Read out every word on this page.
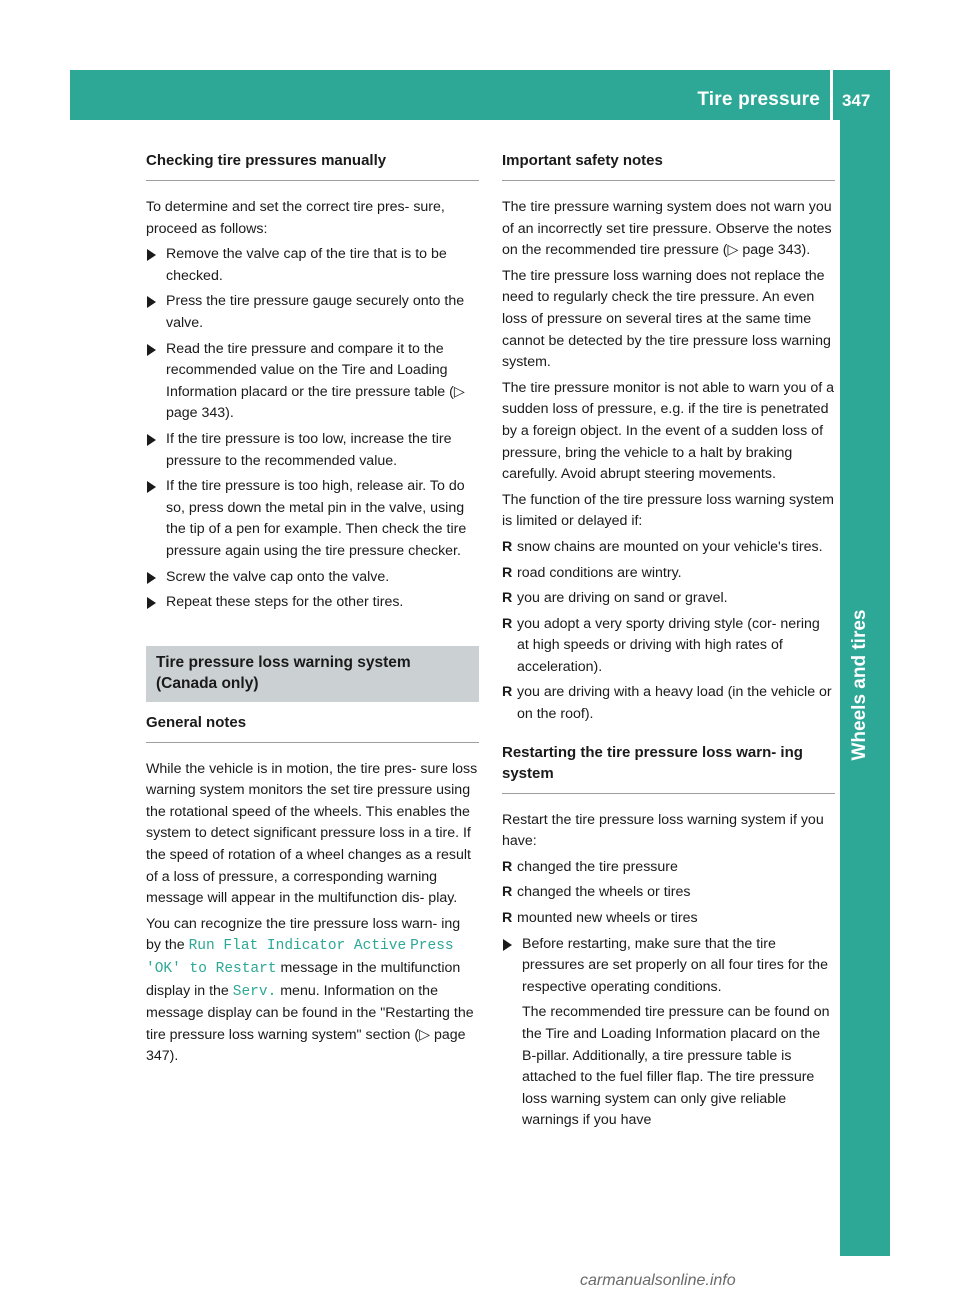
Tire pressure 347
Wheels and tires
Checking tire pressures manually

To determine and set the correct tire pres- sure, proceed as follows:

Remove the valve cap of the tire that is to be checked.
Press the tire pressure gauge securely onto the valve.
Read the tire pressure and compare it to the recommended value on the Tire and Loading Information placard or the tire pressure table (▷ page 343).
If the tire pressure is too low, increase the tire pressure to the recommended value.
If the tire pressure is too high, release air. To do so, press down the metal pin in the valve, using the tip of a pen for example. Then check the tire pressure again using the tire pressure checker.
Screw the valve cap onto the valve.
Repeat these steps for the other tires.
Tire pressure loss warning system
(Canada only)
General notes

While the vehicle is in motion, the tire pres- sure loss warning system monitors the set tire pressure using the rotational speed of the wheels. This enables the system to detect significant pressure loss in a tire. If the speed of rotation of a wheel changes as a result of a loss of pressure, a corresponding warning message will appear in the multifunction dis- play.

You can recognize the tire pressure loss warn- ing by the Run Flat Indicator Active Press 'OK' to Restart message in the multifunction display in the Serv. menu. Information on the message display can be found in the "Restarting the tire pressure loss warning system" section (▷ page 347).

Important safety notes

The tire pressure warning system does not warn you of an incorrectly set tire pressure. Observe the notes on the recommended tire pressure (▷ page 343).

The tire pressure loss warning does not replace the need to regularly check the tire pressure. An even loss of pressure on several tires at the same time cannot be detected by the tire pressure loss warning system.

The tire pressure monitor is not able to warn you of a sudden loss of pressure, e.g. if the tire is penetrated by a foreign object. In the event of a sudden loss of pressure, bring the vehicle to a halt by braking carefully. Avoid abrupt steering movements.

The function of the tire pressure loss warning system is limited or delayed if:

R snow chains are mounted on your vehicle's tires.
R road conditions are wintry.
R you are driving on sand or gravel.
R you adopt a very sporty driving style (cor- nering at high speeds or driving with high rates of acceleration).
R you are driving with a heavy load (in the vehicle or on the roof).
Restarting the tire pressure loss warn- ing system

Restart the tire pressure loss warning system if you have:

R changed the tire pressure
R changed the wheels or tires
R mounted new wheels or tires
Before restarting, make sure that the tire pressures are set properly on all four tires for the respective operating conditions.

The recommended tire pressure can be found on the Tire and Loading Information placard on the B-pillar. Additionally, a tire pressure table is attached to the fuel filler flap. The tire pressure loss warning system can only give reliable warnings if you have

carmanualsonline.info
